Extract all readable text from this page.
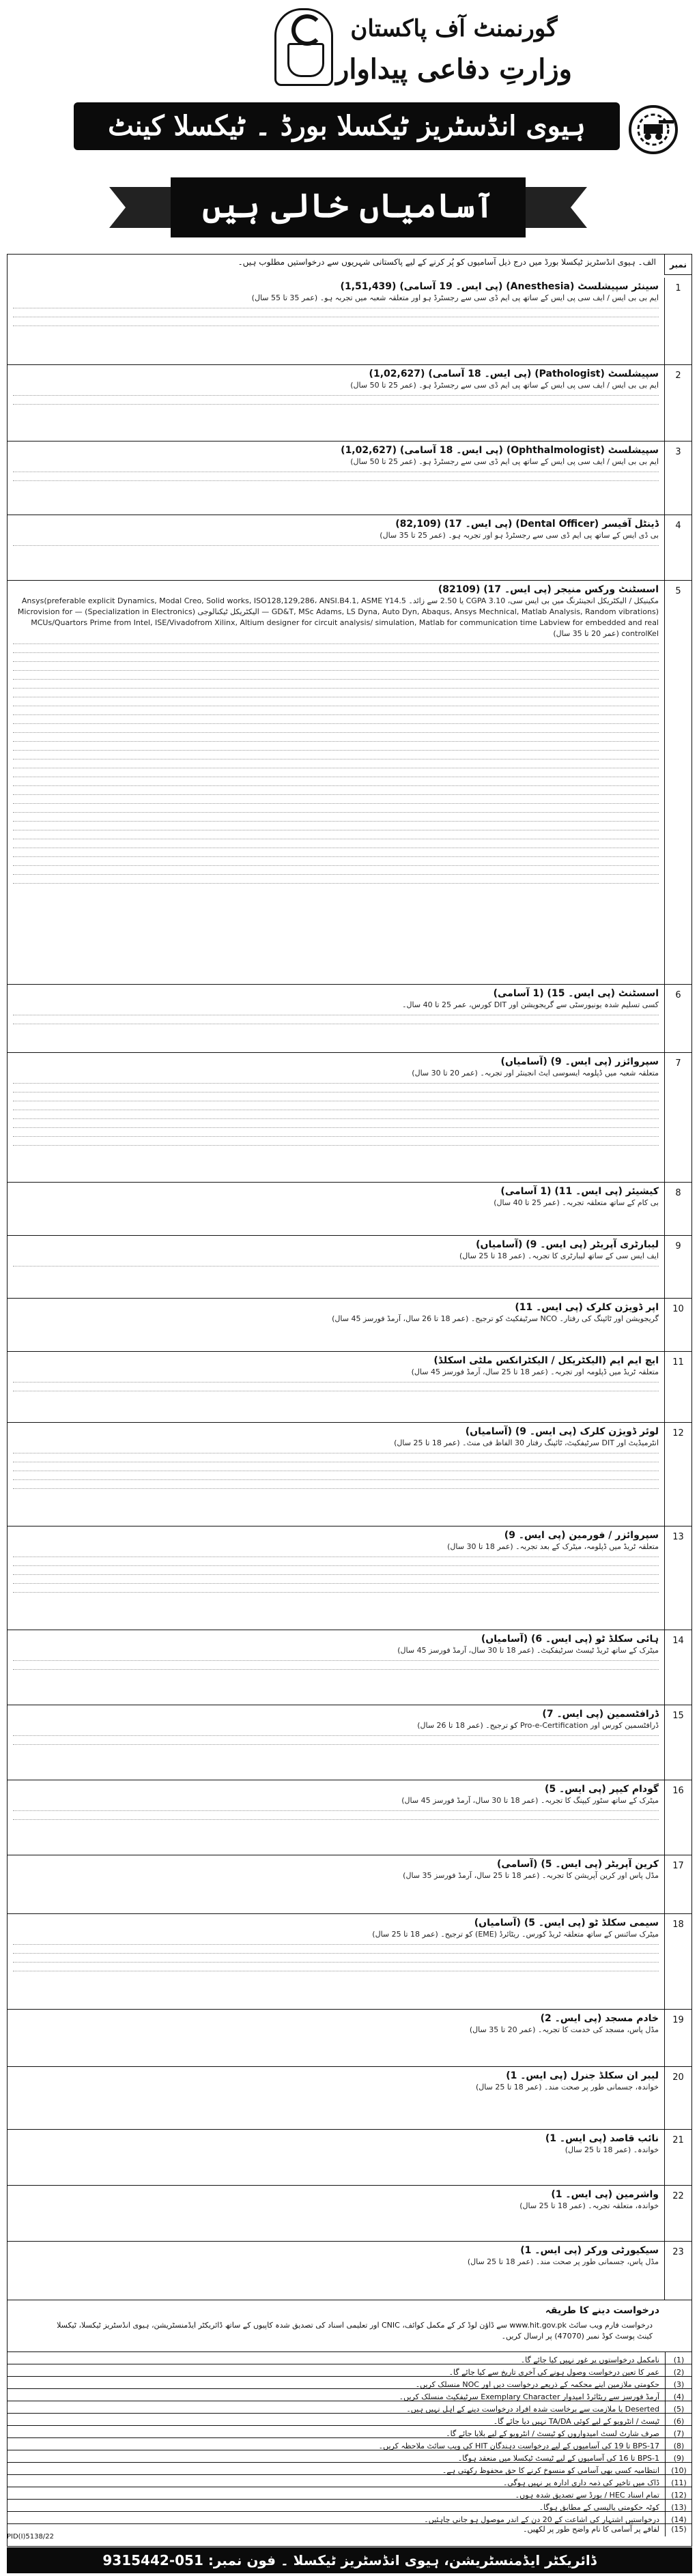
گورنمنٹ آف پاکستان
وزارتِ دفاعی پیداوار
ہیوی انڈسٹریز ٹیکسلا بورڈ ۔ ٹیکسلا کینٹ
آسامیاں خالی ہیں
نمبر
الف۔ ہیوی انڈسٹریز ٹیکسلا بورڈ میں درج ذیل آسامیوں کو پُر کرنے کے لیے پاکستانی شہریوں سے درخواستیں مطلوب ہیں۔
1
سینئر سپیشلسٹ (Anesthesia) (پی ایس۔ 19 آسامی) (1,51,439)
ایم بی بی ایس / ایف سی پی ایس کے ساتھ پی ایم ڈی سی سے رجسٹرڈ ہو اور متعلقہ شعبہ میں تجربہ ہو۔ (عمر 35 تا 55 سال)
2
سپیشلسٹ (Pathologist) (پی ایس۔ 18 آسامی) (1,02,627)
ایم بی بی ایس / ایف سی پی ایس کے ساتھ پی ایم ڈی سی سے رجسٹرڈ ہو۔ (عمر 25 تا 50 سال)
3
سپیشلسٹ (Ophthalmologist) (پی ایس۔ 18 آسامی) (1,02,627)
ایم بی بی ایس / ایف سی پی ایس کے ساتھ پی ایم ڈی سی سے رجسٹرڈ ہو۔ (عمر 25 تا 50 سال)
4
ڈینٹل آفیسر (Dental Officer) (پی ایس۔ 17) (82,109)
بی ڈی ایس کے ساتھ پی ایم ڈی سی سے رجسٹرڈ ہو اور تجربہ ہو۔ (عمر 25 تا 35 سال)
5
اسسٹنٹ ورکس منیجر (پی ایس۔ 17) (82109)
مکینیکل / الیکٹریکل انجینئرنگ میں بی ایس سی، CGPA 3.10 یا 2.50 سے زائد۔ Ansys(preferable explicit Dynamics, Modal Creo, Solid works, ISO128,129,286، ANSI.B4.1, ASME Y14.5 GD&T, MSc Adams, LS Dyna, Auto Dyn, Abaqus, Ansys Mechnical, Matlab Analysis, Random vibrations) — الیکٹریکل ٹیکنالوجی (Specialization in Electronics) — Microvision for MCUs/Quartors Prime from Intel, ISE/Vivadofrom Xilinx, Altium designer for circuit analysis/ simulation, Matlab for communication time Labview for embedded and real controlKel (عمر 20 تا 35 سال)
6
اسسٹنٹ (پی ایس۔ 15) (1 آسامی)
کسی تسلیم شدہ یونیورسٹی سے گریجویشن اور DIT کورس، عمر 25 تا 40 سال۔
7
سپروائزر (پی ایس۔ 9) (آسامیاں)
متعلقہ شعبہ میں ڈپلومہ ایسوسی ایٹ انجینئر اور تجربہ۔ (عمر 20 تا 30 سال)
8
کیشیئر (پی ایس۔ 11) (1 آسامی)
بی کام کے ساتھ متعلقہ تجربہ۔ (عمر 25 تا 40 سال)
9
لیبارٹری آپریٹر (پی ایس۔ 9) (آسامیاں)
ایف ایس سی کے ساتھ لیبارٹری کا تجربہ۔ (عمر 18 تا 25 سال)
10
اپر ڈویژن کلرک (پی ایس۔ 11)
گریجویشن اور ٹائپنگ کی رفتار۔ NCO سرٹیفکیٹ کو ترجیح۔ (عمر 18 تا 26 سال، آرمڈ فورسز 45 سال)
11
ایچ ایم ایم (الیکٹریکل / الیکٹرانکس ملٹی اسکلڈ)
متعلقہ ٹریڈ میں ڈپلومہ اور تجربہ۔ (عمر 18 تا 25 سال، آرمڈ فورسز 45 سال)
12
لوئر ڈویژن کلرک (پی ایس۔ 9) (آسامیاں)
انٹرمیڈیٹ اور DIT سرٹیفکیٹ، ٹائپنگ رفتار 30 الفاظ فی منٹ۔ (عمر 18 تا 25 سال)
13
سپروائزر / فورمین (پی ایس۔ 9)
متعلقہ ٹریڈ میں ڈپلومہ، میٹرک کے بعد تجربہ۔ (عمر 18 تا 30 سال)
14
ہائی سکلڈ ٹو (پی ایس۔ 6) (آسامیاں)
میٹرک کے ساتھ ٹریڈ ٹیسٹ سرٹیفکیٹ۔ (عمر 18 تا 30 سال، آرمڈ فورسز 45 سال)
15
ڈرافٹسمین (پی ایس۔ 7)
ڈرافٹسمین کورس اور Pro-e-Certification کو ترجیح۔ (عمر 18 تا 26 سال)
16
گودام کیپر (پی ایس۔ 5)
میٹرک کے ساتھ سٹور کیپنگ کا تجربہ۔ (عمر 18 تا 30 سال، آرمڈ فورسز 45 سال)
17
کرین آپریٹر (پی ایس۔ 5) (آسامی)
مڈل پاس اور کرین آپریشن کا تجربہ۔ (عمر 18 تا 25 سال، آرمڈ فورسز 35 سال)
18
سیمی سکلڈ ٹو (پی ایس۔ 5) (آسامیاں)
میٹرک سائنس کے ساتھ متعلقہ ٹریڈ کورس۔ ریٹائرڈ (EME) کو ترجیح۔ (عمر 18 تا 25 سال)
19
خادم مسجد (پی ایس۔ 2)
مڈل پاس، مسجد کی خدمت کا تجربہ۔ (عمر 20 تا 35 سال)
20
لیبر ان سکلڈ جنرل (پی ایس۔ 1)
خواندہ، جسمانی طور پر صحت مند۔ (عمر 18 تا 25 سال)
21
نائب قاصد (پی ایس۔ 1)
خواندہ۔ (عمر 18 تا 25 سال)
22
واشرمین (پی ایس۔ 1)
خواندہ، متعلقہ تجربہ۔ (عمر 18 تا 25 سال)
23
سیکیورٹی ورکر (پی ایس۔ 1)
مڈل پاس، جسمانی طور پر صحت مند۔ (عمر 18 تا 25 سال)
درخواست دینے کا طریقہ
درخواست فارم ویب سائٹ www.hit.gov.pk سے ڈاؤن لوڈ کر کے مکمل کوائف، CNIC اور تعلیمی اسناد کی تصدیق شدہ کاپیوں کے ساتھ ڈائریکٹر ایڈمنسٹریشن، ہیوی انڈسٹریز ٹیکسلا، ٹیکسلا کینٹ پوسٹ کوڈ نمبر (47070) پر ارسال کریں۔
(1)
نامکمل درخواستوں پر غور نہیں کیا جائے گا۔
(2)
عمر کا تعین درخواست وصول ہونے کی آخری تاریخ سے کیا جائے گا۔
(3)
حکومتی ملازمین اپنے محکمہ کے ذریعے درخواست دیں اور NOC منسلک کریں۔
(4)
آرمڈ فورسز سے ریٹائرڈ امیدوار Exemplary Character سرٹیفکیٹ منسلک کریں۔
(5)
Deserted یا ملازمت سے برخاست شدہ افراد درخواست دینے کے اہل نہیں ہیں۔
(6)
ٹیسٹ / انٹرویو کے لیے کوئی TA/DA نہیں دیا جائے گا۔
(7)
صرف شارٹ لسٹ امیدواروں کو ٹیسٹ / انٹرویو کے لیے بلایا جائے گا۔
(8)
BPS-17 تا 19 کی آسامیوں کے لیے درخواست دہندگان HIT کی ویب سائٹ ملاحظہ کریں۔
(9)
BPS-1 تا 16 کی آسامیوں کے لیے ٹیسٹ ٹیکسلا میں منعقد ہوگا۔
(10)
انتظامیہ کسی بھی آسامی کو منسوخ کرنے کا حق محفوظ رکھتی ہے۔
(11)
ڈاک میں تاخیر کی ذمہ داری ادارہ پر نہیں ہوگی۔
(12)
تمام اسناد HEC / بورڈ سے تصدیق شدہ ہوں۔
(13)
کوٹہ حکومتی پالیسی کے مطابق ہوگا۔
(14)
درخواستیں اشتہار کی اشاعت کے 20 دن کے اندر موصول ہو جانی چاہئیں۔
(15)
لفافے پر آسامی کا نام واضح طور پر لکھیں۔
PID(I)5138/22
ڈائریکٹر ایڈمنسٹریشن، ہیوی انڈسٹریز ٹیکسلا ۔ فون نمبر: 051-9315442
